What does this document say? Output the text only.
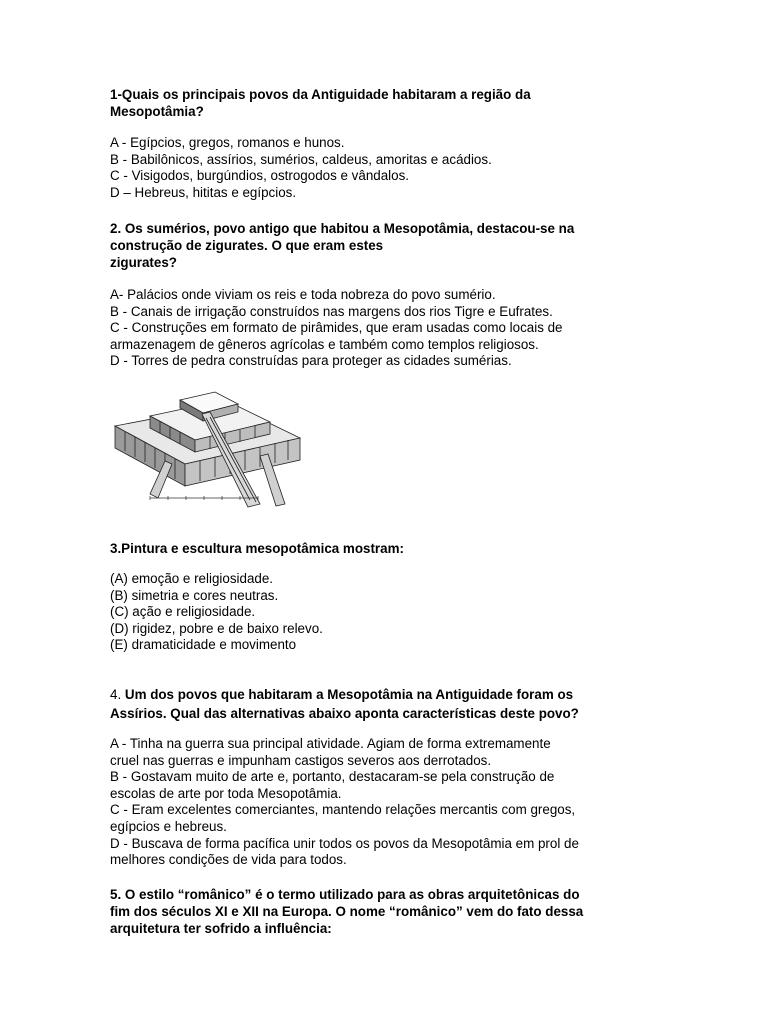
1-Quais os principais povos da Antiguidade habitaram a região da
Mesopotâmia?

A - Egípcios, gregos, romanos e hunos.

B - Babilônicos, assírios, sumérios, caldeus, amoritas e acádios.

C - Visigodos, burgúndios, ostrogodos e vândalos.

D – Hebreus, hititas e egípcios.

2. Os sumérios, povo antigo que habitou a Mesopotâmia, destacou-se na
construção de zigurates. O que eram estes
zigurates?

A- Palácios onde viviam os reis e toda nobreza do povo sumério.

B - Canais de irrigação construídos nas margens dos rios Tigre e Eufrates.

C - Construções em formato de pirâmides, que eram usadas como locais de

armazenagem de gêneros agrícolas e também como templos religiosos.

D - Torres de pedra construídas para proteger as cidades sumérias.

3.Pintura e escultura mesopotâmica mostram:

(A) emoção e religiosidade.

(B) simetria e cores neutras.

(C) ação e religiosidade.

(D) rigidez, pobre e de baixo relevo.

(E) dramaticidade e movimento

4. Um dos povos que habitaram a Mesopotâmia na Antiguidade foram os
Assírios. Qual das alternativas abaixo aponta características deste povo?

A - Tinha na guerra sua principal atividade. Agiam de forma extremamente

cruel nas guerras e impunham castigos severos aos derrotados.

B - Gostavam muito de arte e, portanto, destacaram-se pela construção de

escolas de arte por toda Mesopotâmia.

C - Eram excelentes comerciantes, mantendo relações mercantis com gregos,

egípcios e hebreus.

D - Buscava de forma pacífica unir todos os povos da Mesopotâmia em prol de

melhores condições de vida para todos.

5. O estilo “românico” é o termo utilizado para as obras arquitetônicas do
fim dos séculos XI e XII na Europa. O nome “românico” vem do fato dessa
arquitetura ter sofrido a influência:
